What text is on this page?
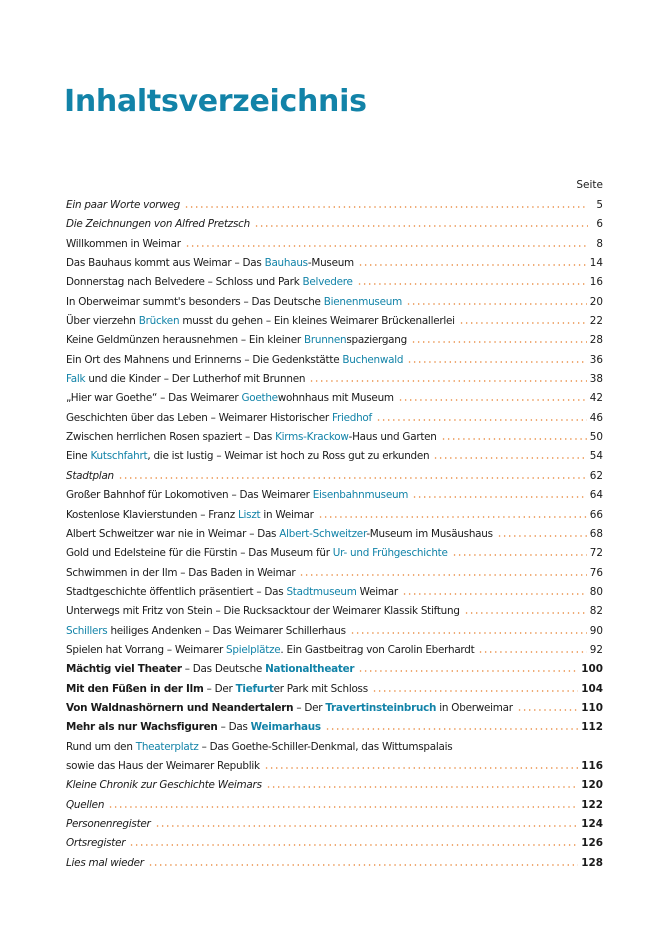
Inhaltsverzeichnis
Seite
Ein paar Worte vorweg	5
Die Zeichnungen von Alfred Pretzsch	6
Willkommen in Weimar	8
Das Bauhaus kommt aus Weimar – Das Bauhaus-Museum	14
Donnerstag nach Belvedere – Schloss und Park Belvedere	16
In Oberweimar summt's besonders – Das Deutsche Bienenmuseum	20
Über vierzehn Brücken musst du gehen – Ein kleines Weimarer Brückenallerlei	22
Keine Geldmünzen herausnehmen – Ein kleiner Brunnenspaziergang	28
Ein Ort des Mahnens und Erinnerns – Die Gedenkstätte Buchenwald	36
Falk und die Kinder – Der Lutherhof mit Brunnen	38
„Hier war Goethe“ – Das Weimarer Goethewohnhaus mit Museum	42
Geschichten über das Leben – Weimarer Historischer Friedhof	46
Zwischen herrlichen Rosen spaziert – Das Kirms-Krackow-Haus und Garten	50
Eine Kutschfahrt, die ist lustig – Weimar ist hoch zu Ross gut zu erkunden	54
Stadtplan	62
Großer Bahnhof für Lokomotiven – Das Weimarer Eisenbahnmuseum	64
Kostenlose Klavierstunden – Franz Liszt in Weimar	66
Albert Schweitzer war nie in Weimar – Das Albert-Schweitzer-Museum im Musäushaus	68
Gold und Edelsteine für die Fürstin – Das Museum für Ur- und Frühgeschichte	72
Schwimmen in der Ilm – Das Baden in Weimar	76
Stadtgeschichte öffentlich präsentiert – Das Stadtmuseum Weimar	80
Unterwegs mit Fritz von Stein – Die Rucksacktour der Weimarer Klassik Stiftung	82
Schillers heiliges Andenken – Das Weimarer Schillerhaus	90
Spielen hat Vorrang – Weimarer Spielplätze. Ein Gastbeitrag von Carolin Eberhardt	92
Mächtig viel Theater – Das Deutsche Nationaltheater	100
Mit den Füßen in der Ilm – Der Tiefurter Park mit Schloss	104
Von Waldnashörnern und Neandertalern – Der Travertinsteinbruch in Oberweimar	110
Mehr als nur Wachsfiguren – Das Weimarhaus	112
Rund um den Theaterplatz – Das Goethe-Schiller-Denkmal, das Wittumspalais
sowie das Haus der Weimarer Republik	116
Kleine Chronik zur Geschichte Weimars	120
Quellen	122
Personenregister	124
Ortsregister	126
Lies mal wieder	128
